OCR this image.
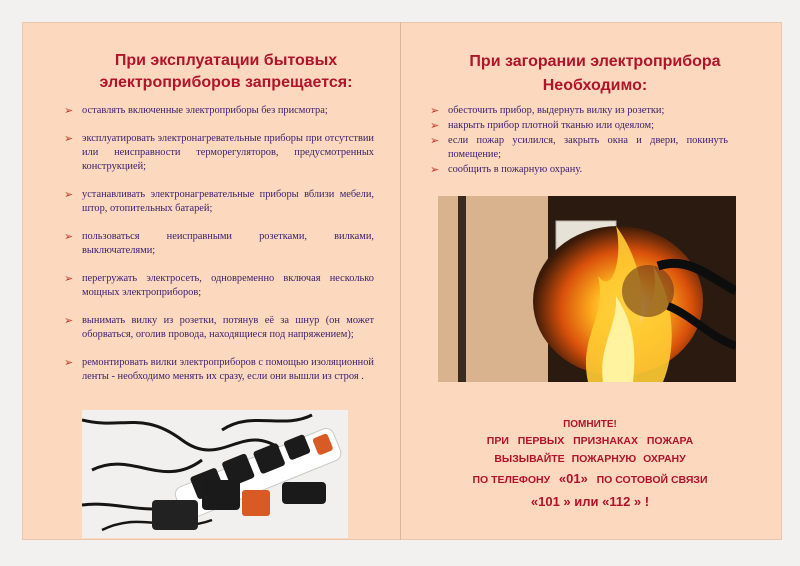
При эксплуатации бытовых
электроприборов запрещается:
➢ оставлять включенные электроприборы без присмотра;
➢ эксплуатировать электронагревательные приборы при отсутствии или неисправности терморегуляторов, предусмотренных конструкцией;
➢ устанавливать электронагревательные приборы вблизи мебели, штор, отопительных батарей;
➢ пользоваться неисправными розетками, вилками, выключателями;
➢ перегружать электросеть, одновременно включая несколько мощных электроприборов;
➢ вынимать вилку из розетки, потянув её за шнур (он может оборваться, оголив провода, находящиеся под напряжением);
➢ ремонтировать вилки электроприборов с помощью изоляционной ленты - необходимо менять их сразу, если они вышли из строя .
При загорании электроприбора
Необходимо:
➢ обесточить прибор, выдернуть вилку из розетки;
➢ накрыть прибор плотной тканью или одеялом;
➢ если пожар усилился, закрыть окна и двери, покинуть помещение;
➢ сообщить в пожарную охрану.
ПОМНИТЕ!
ПРИ ПЕРВЫХ ПРИЗНАКАХ ПОЖАРА
ВЫЗЫВАЙТЕ ПОЖАРНУЮ ОХРАНУ
ПО ТЕЛЕФОНУ «01» ПО СОТОВОЙ СВЯЗИ
«101 » или «112 » !
